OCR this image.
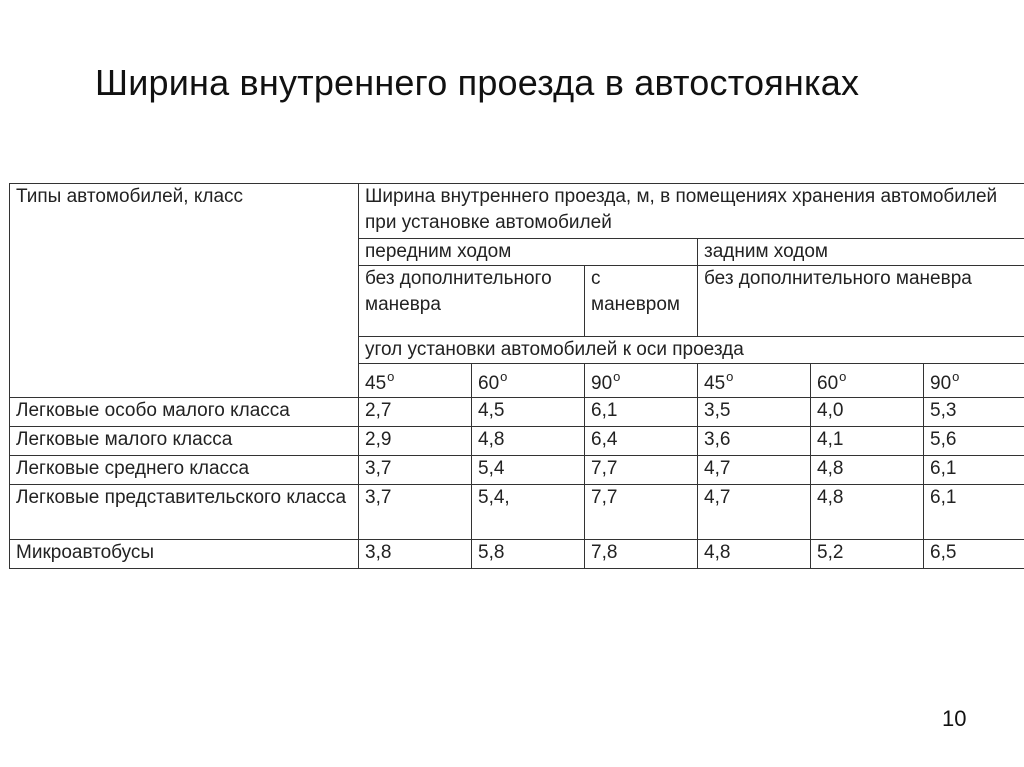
Ширина внутреннего проезда в автостоянках
Типы автомобилей, класс	Ширина внутреннего проезда, м, в помещениях хранения автомобилей при установке автомобилей					
	передним ходом			задним ходом		
	без дополнительного маневра		с маневром	без дополнительного маневра		
	угол установки автомобилей к оси проезда					
	45$^o$	60$^o$	90$^o$	45$^o$	60$^o$	90$^o$
Легковые особо малого класса	2,7	4,5	6,1	3,5	4,0	5,3
Легковые малого класса	2,9	4,8	6,4	3,6	4,1	5,6
Легковые среднего класса	3,7	5,4	7,7	4,7	4,8	6,1
Легковые представительского класса	3,7	5,4,	7,7	4,7	4,8	6,1
Микроавтобусы	3,8	5,8	7,8	4,8	5,2	6,5
10
